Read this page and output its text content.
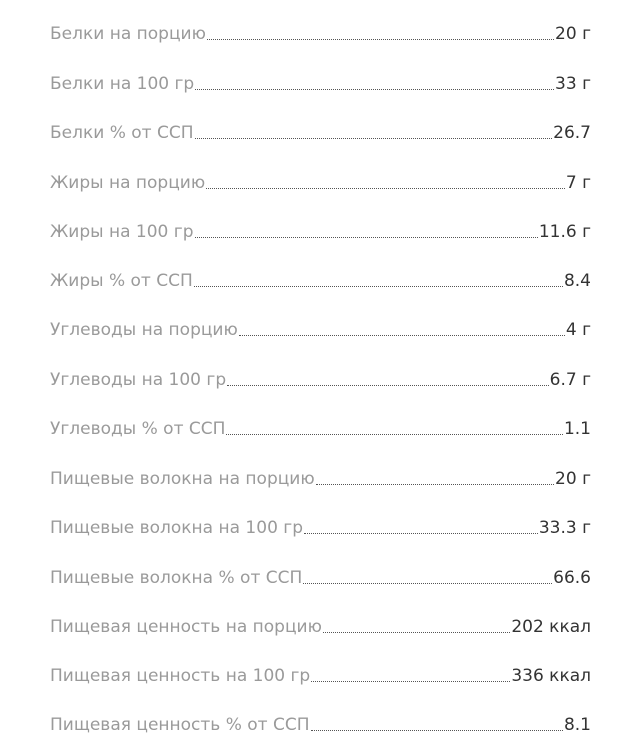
Белки на порцию	20 г
Белки на 100 гр	33 г
Белки % от ССП	26.7
Жиры на порцию	7 г
Жиры на 100 гр	11.6 г
Жиры % от ССП	8.4
Углеводы на порцию	4 г
Углеводы на 100 гр	6.7 г
Углеводы % от ССП	1.1
Пищевые волокна на порцию	20 г
Пищевые волокна на 100 гр	33.3 г
Пищевые волокна % от ССП	66.6
Пищевая ценность на порцию	202 ккал
Пищевая ценность на 100 гр	336 ккал
Пищевая ценность % от ССП	8.1
